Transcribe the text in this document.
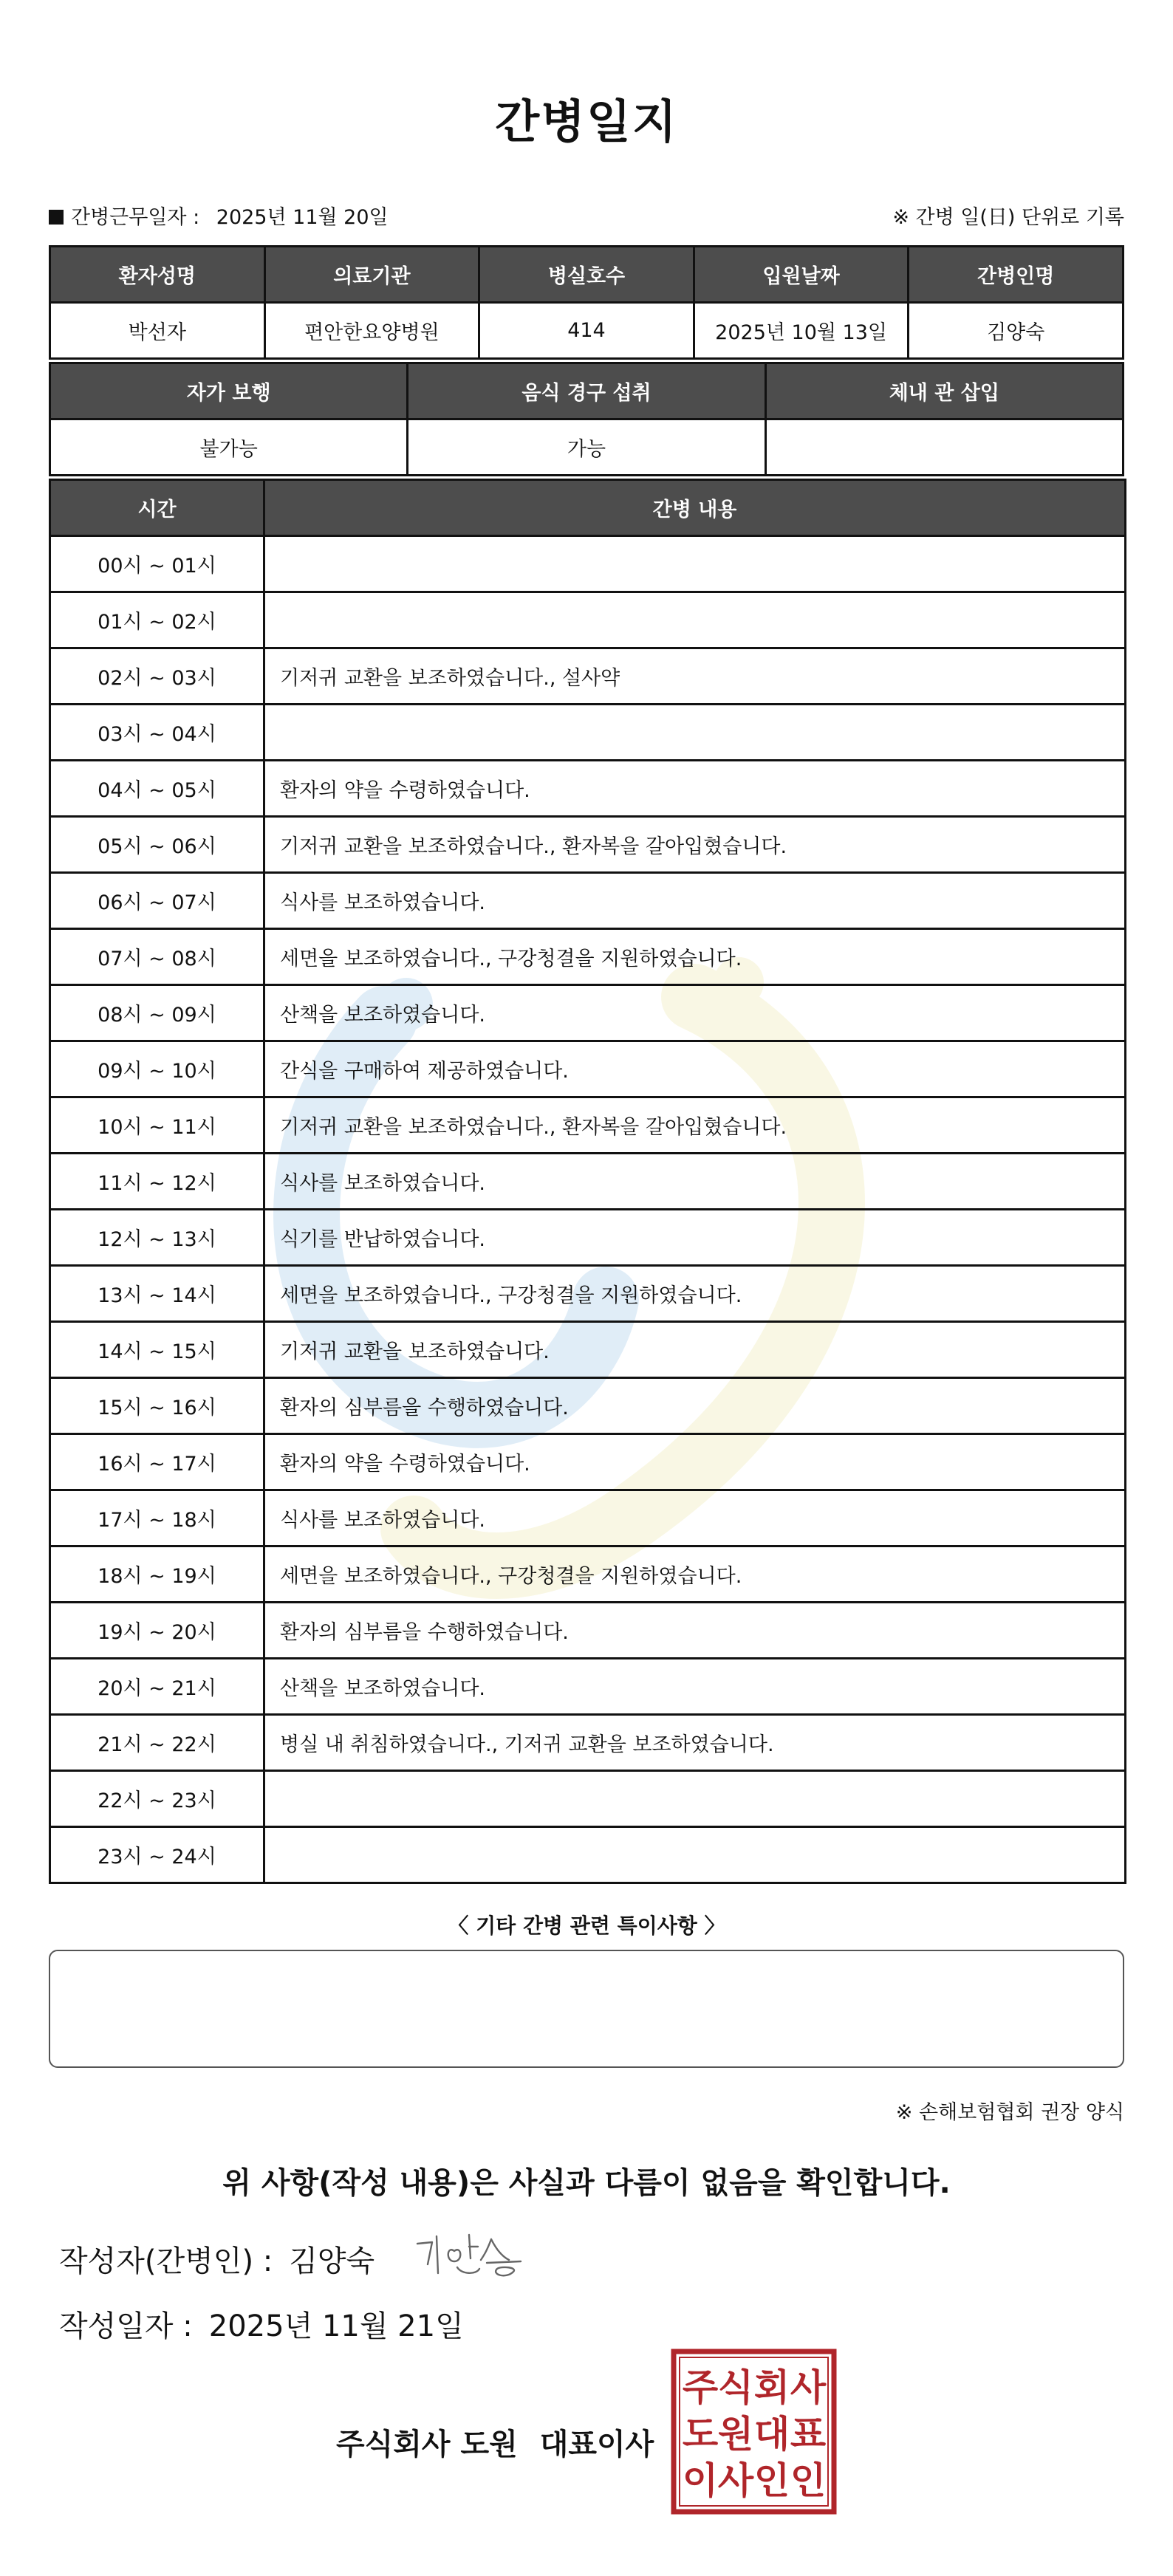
간병일지
간병근무일자 : 2025년 11월 20일	※ 간병 일(日) 단위로 기록
환자성명	의료기관	병실호수	입원날짜	간병인명
박선자	편안한요양병원	414	2025년 10월 13일	김양숙
자가 보행	음식 경구 섭취	체내 관 삽입
불가능	가능	
시간	간병 내용
00시 ~ 01시	
01시 ~ 02시	
02시 ~ 03시	기저귀 교환을 보조하였습니다., 설사약
03시 ~ 04시	
04시 ~ 05시	환자의 약을 수령하였습니다.
05시 ~ 06시	기저귀 교환을 보조하였습니다., 환자복을 갈아입혔습니다.
06시 ~ 07시	식사를 보조하였습니다.
07시 ~ 08시	세면을 보조하였습니다., 구강청결을 지원하였습니다.
08시 ~ 09시	산책을 보조하였습니다.
09시 ~ 10시	간식을 구매하여 제공하였습니다.
10시 ~ 11시	기저귀 교환을 보조하였습니다., 환자복을 갈아입혔습니다.
11시 ~ 12시	식사를 보조하였습니다.
12시 ~ 13시	식기를 반납하였습니다.
13시 ~ 14시	세면을 보조하였습니다., 구강청결을 지원하였습니다.
14시 ~ 15시	기저귀 교환을 보조하였습니다.
15시 ~ 16시	환자의 심부름을 수행하였습니다.
16시 ~ 17시	환자의 약을 수령하였습니다.
17시 ~ 18시	식사를 보조하였습니다.
18시 ~ 19시	세면을 보조하였습니다., 구강청결을 지원하였습니다.
19시 ~ 20시	환자의 심부름을 수행하였습니다.
20시 ~ 21시	산책을 보조하였습니다.
21시 ~ 22시	병실 내 취침하였습니다., 기저귀 교환을 보조하였습니다.
22시 ~ 23시	
23시 ~ 24시	
〈 기타 간병 관련 특이사항 〉
※ 손해보험협회 권장 양식
위 사항(작성 내용)은 사실과 다름이 없음을 확인합니다.
작성자(간병인) : 김양숙
작성일자 : 2025년 11월 21일
주식회사 도원 대표이사
주 식 회 사
도 원 대 표
이 사 인 인
